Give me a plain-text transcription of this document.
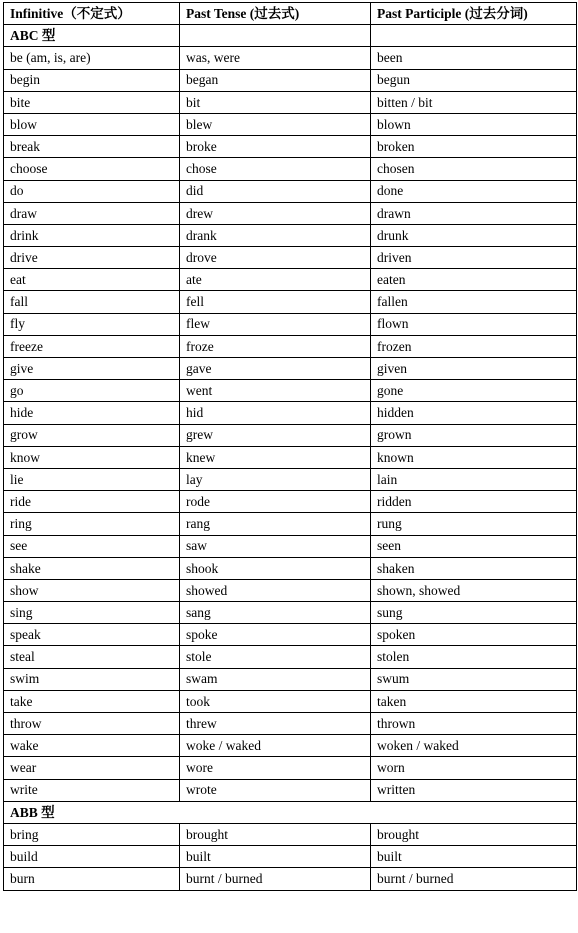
Infinitive（不定式）	Past Tense (过去式)	Past Participle (过去分词)
ABC 型		
be (am, is, are)	was, were	been
begin	began	begun
bite	bit	bitten / bit
blow	blew	blown
break	broke	broken
choose	chose	chosen
do	did	done
draw	drew	drawn
drink	drank	drunk
drive	drove	driven
eat	ate	eaten
fall	fell	fallen
fly	flew	flown
freeze	froze	frozen
give	gave	given
go	went	gone
hide	hid	hidden
grow	grew	grown
know	knew	known
lie	lay	lain
ride	rode	ridden
ring	rang	rung
see	saw	seen
shake	shook	shaken
show	showed	shown, showed
sing	sang	sung
speak	spoke	spoken
steal	stole	stolen
swim	swam	swum
take	took	taken
throw	threw	thrown
wake	woke / waked	woken / waked
wear	wore	worn
write	wrote	written
ABB 型		
bring	brought	brought
build	built	built
burn	burnt / burned	burnt / burned
